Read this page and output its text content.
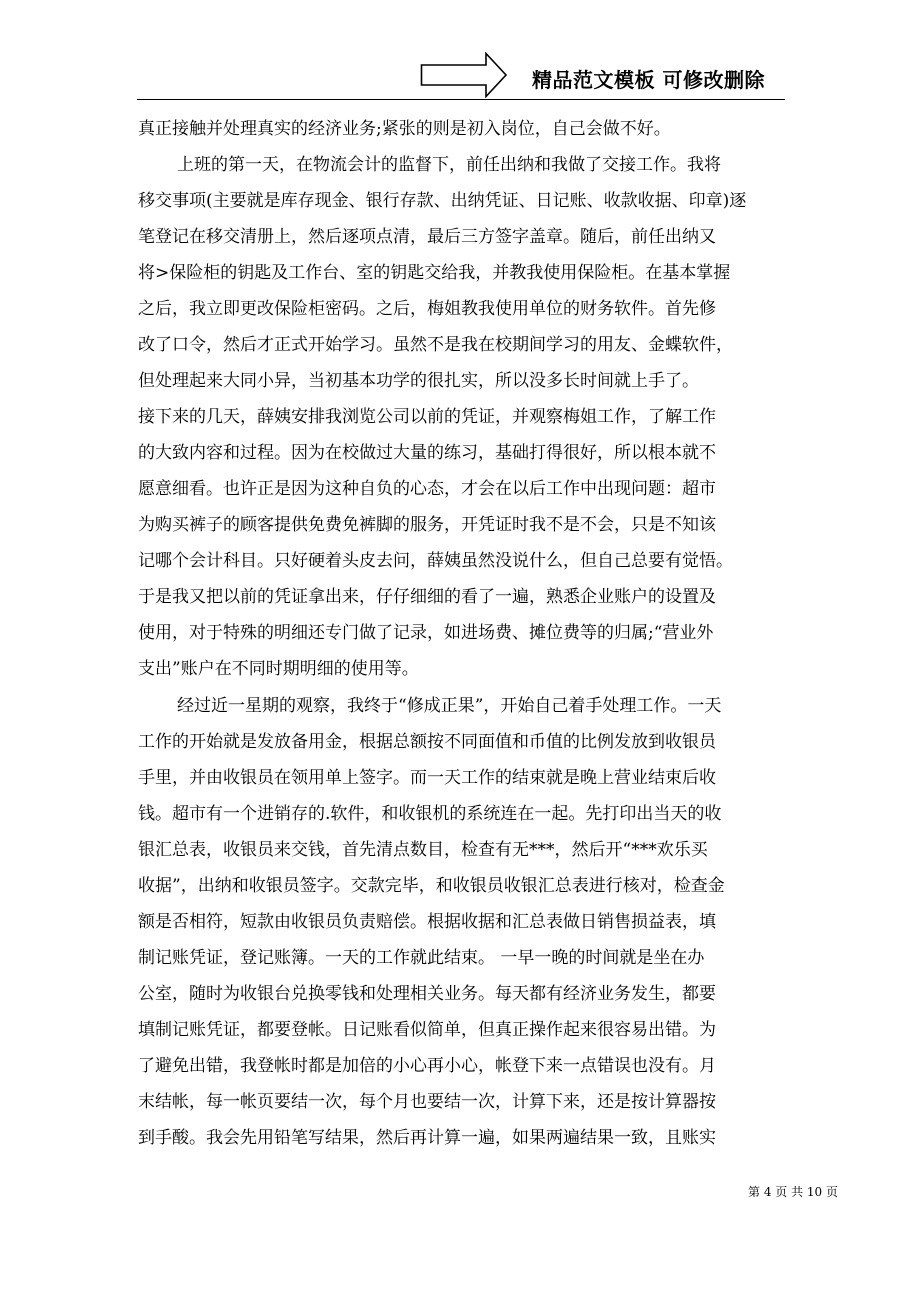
精品范文模板 可修改删除
真正接触并处理真实的经济业务;紧张的则是初入岗位，自己会做不好。
上班的第一天，在物流会计的监督下，前任出纳和我做了交接工作。我将
移交事项(主要就是库存现金、银行存款、出纳凭证、日记账、收款收据、印章)逐
笔登记在移交清册上，然后逐项点清，最后三方签字盖章。随后，前任出纳又
将>保险柜的钥匙及工作台、室的钥匙交给我，并教我使用保险柜。在基本掌握
之后，我立即更改保险柜密码。之后，梅姐教我使用单位的财务软件。首先修
改了口令，然后才正式开始学习。虽然不是我在校期间学习的用友、金蝶软件，
但处理起来大同小异，当初基本功学的很扎实，所以没多长时间就上手了。
接下来的几天，薛姨安排我浏览公司以前的凭证，并观察梅姐工作，了解工作
的大致内容和过程。因为在校做过大量的练习，基础打得很好，所以根本就不
愿意细看。也许正是因为这种自负的心态，才会在以后工作中出现问题：超市
为购买裤子的顾客提供免费免裤脚的服务，开凭证时我不是不会，只是不知该
记哪个会计科目。只好硬着头皮去问，薛姨虽然没说什么，但自己总要有觉悟。
于是我又把以前的凭证拿出来，仔仔细细的看了一遍，熟悉企业账户的设置及
使用，对于特殊的明细还专门做了记录，如进场费、摊位费等的归属;“营业外
支出”账户在不同时期明细的使用等。
经过近一星期的观察，我终于“修成正果”，开始自己着手处理工作。一天
工作的开始就是发放备用金，根据总额按不同面值和币值的比例发放到收银员
手里，并由收银员在领用单上签字。而一天工作的结束就是晚上营业结束后收
钱。超市有一个进销存的.软件，和收银机的系统连在一起。先打印出当天的收
银汇总表，收银员来交钱，首先清点数目，检查有无***，然后开“***欢乐买
收据”，出纳和收银员签字。交款完毕，和收银员收银汇总表进行核对，检查金
额是否相符，短款由收银员负责赔偿。根据收据和汇总表做日销售损益表，填
制记账凭证，登记账簿。一天的工作就此结束。 一早一晚的时间就是坐在办
公室，随时为收银台兑换零钱和处理相关业务。每天都有经济业务发生，都要
填制记账凭证，都要登帐。日记账看似简单，但真正操作起来很容易出错。为
了避免出错，我登帐时都是加倍的小心再小心，帐登下来一点错误也没有。月
末结帐，每一帐页要结一次，每个月也要结一次，计算下来，还是按计算器按
到手酸。我会先用铅笔写结果，然后再计算一遍，如果两遍结果一致，且账实
第 4 页 共 10 页
